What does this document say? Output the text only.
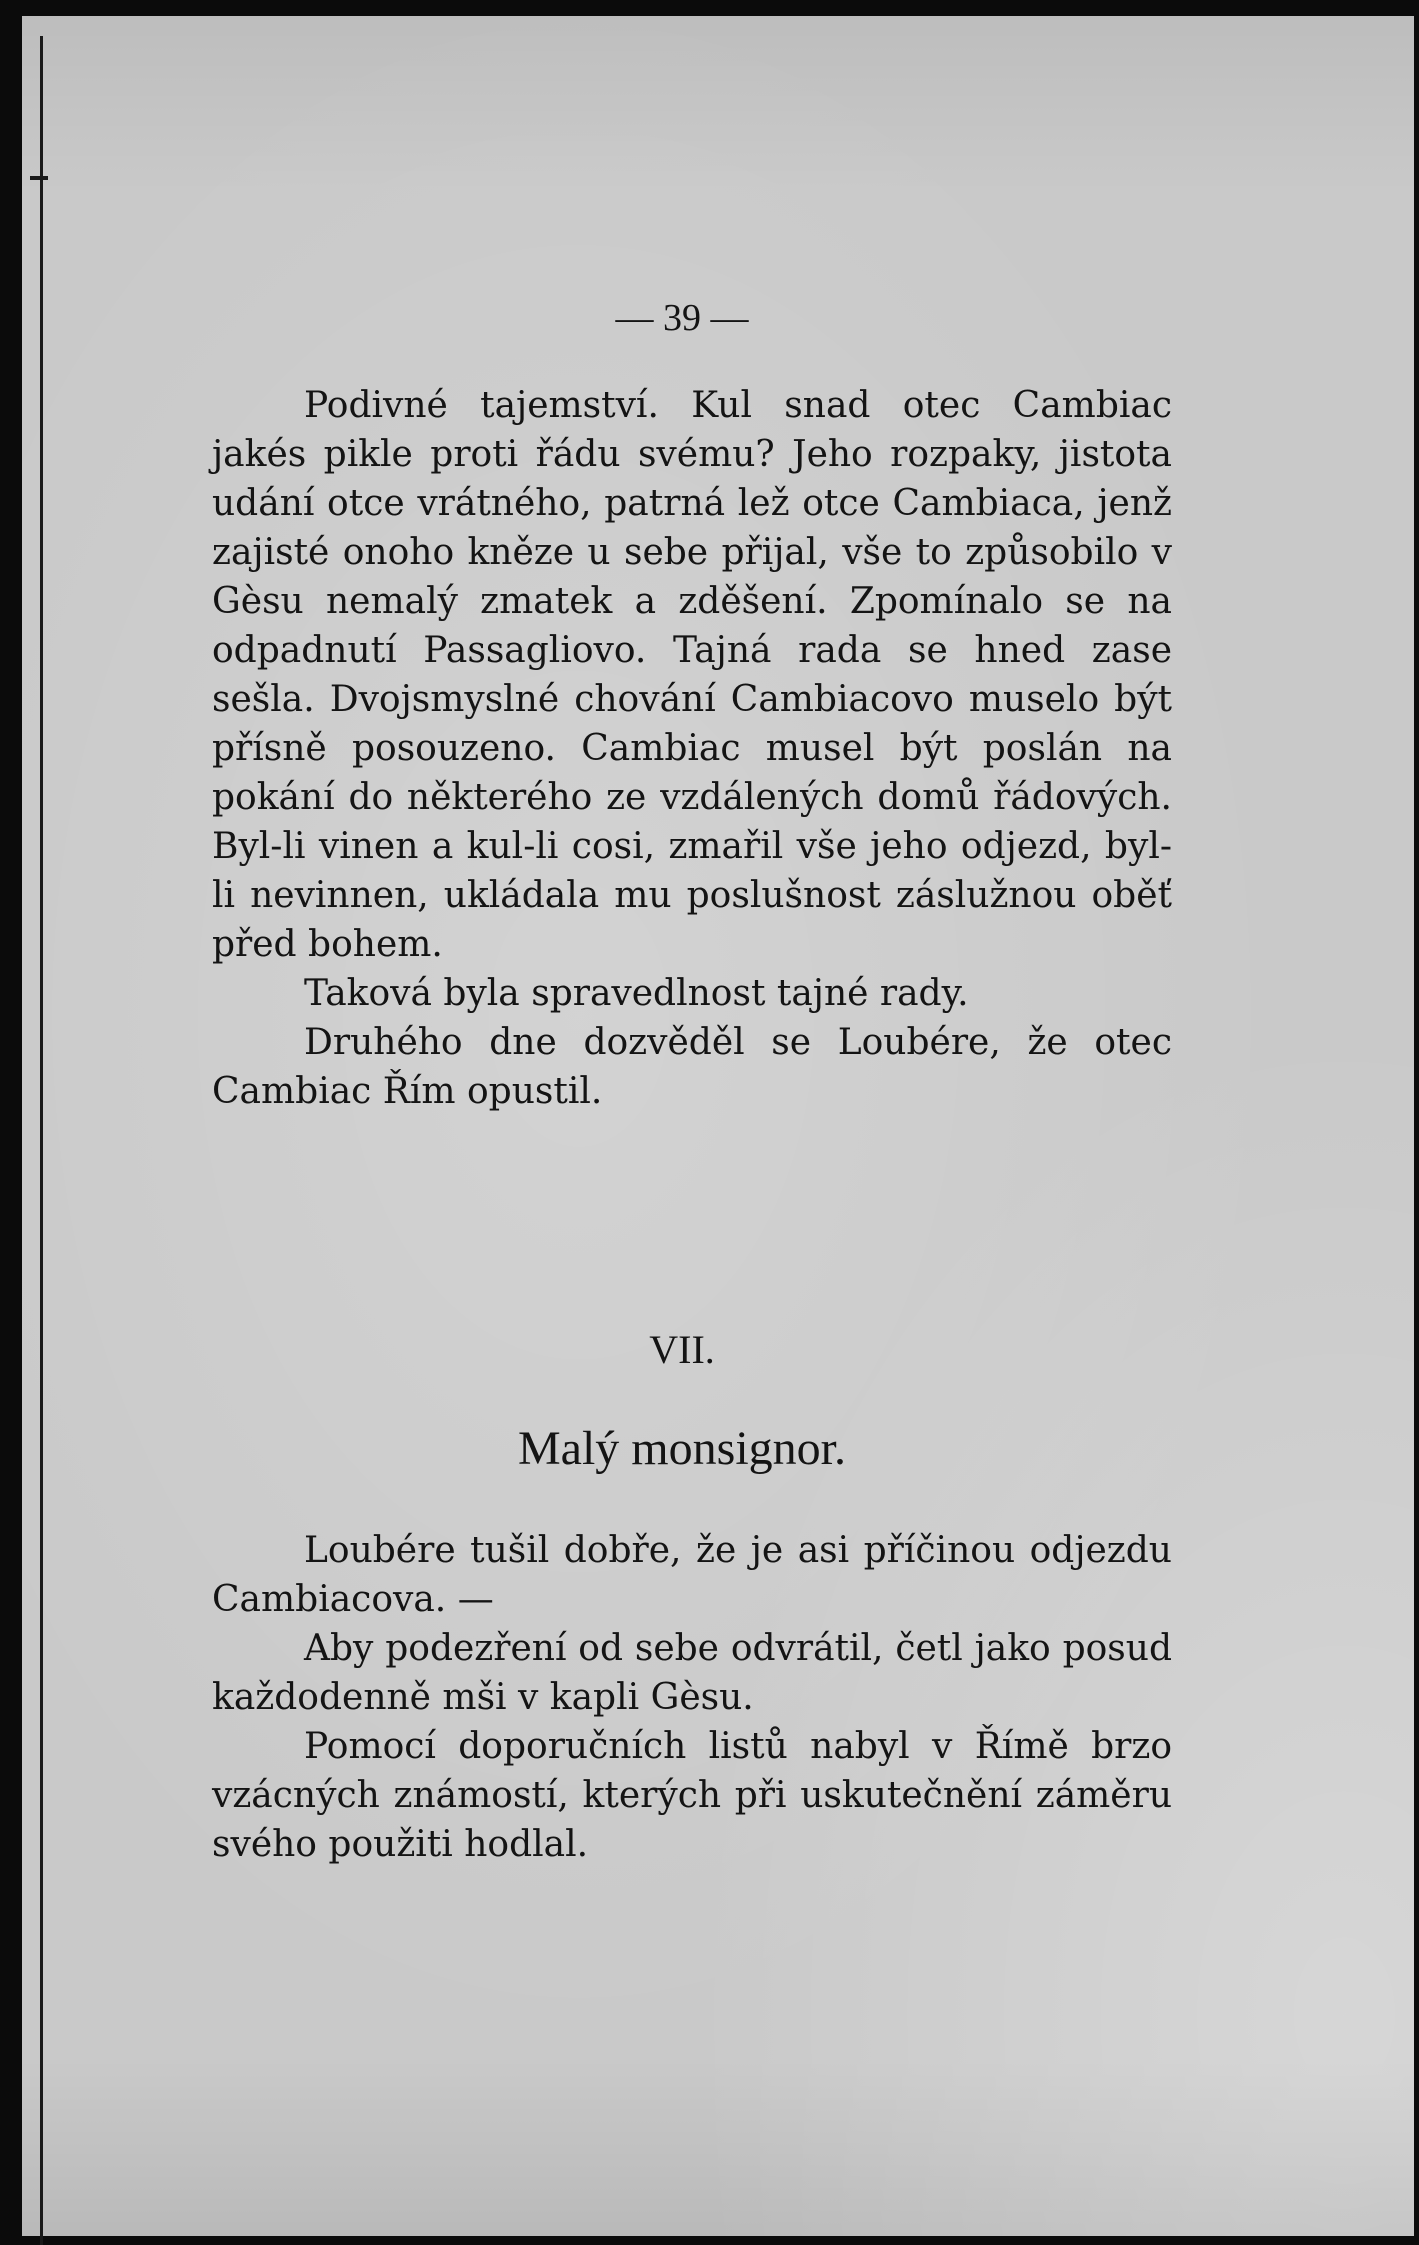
— 39 —

Podivné tajemství. Kul snad otec Cambiac jakés pikle proti řádu svému? Jeho rozpaky, jistota udání otce vrátného, patrná lež otce Cambiaca, jenž zajisté onoho kněze u sebe přijal, vše to způsobilo v Gèsu nemalý zmatek a zděšení. Zpomínalo se na odpadnutí Passagliovo. Tajná rada se hned zase sešla. Dvojsmyslné chování Cambiacovo muselo být přísně posouzeno. Cambiac musel být poslán na pokání do některého ze vzdálených domů řádových. Byl-li vinen a kul-li cosi, zmařil vše jeho odjezd, byl-li nevinnen, ukládala mu poslušnost záslužnou oběť před bohem.

Taková byla spravedlnost tajné rady.

Druhého dne dozvěděl se Loubére, že otec Cambiac Řím opustil.

VII.

Malý monsignor.

Loubére tušil dobře, že je asi příčinou odjezdu Cambiacova. —

Aby podezření od sebe odvrátil, četl jako posud každodenně mši v kapli Gèsu.

Pomocí doporučních listů nabyl v Římě brzo vzácných známostí, kterých při uskutečnění záměru svého použiti hodlal.
